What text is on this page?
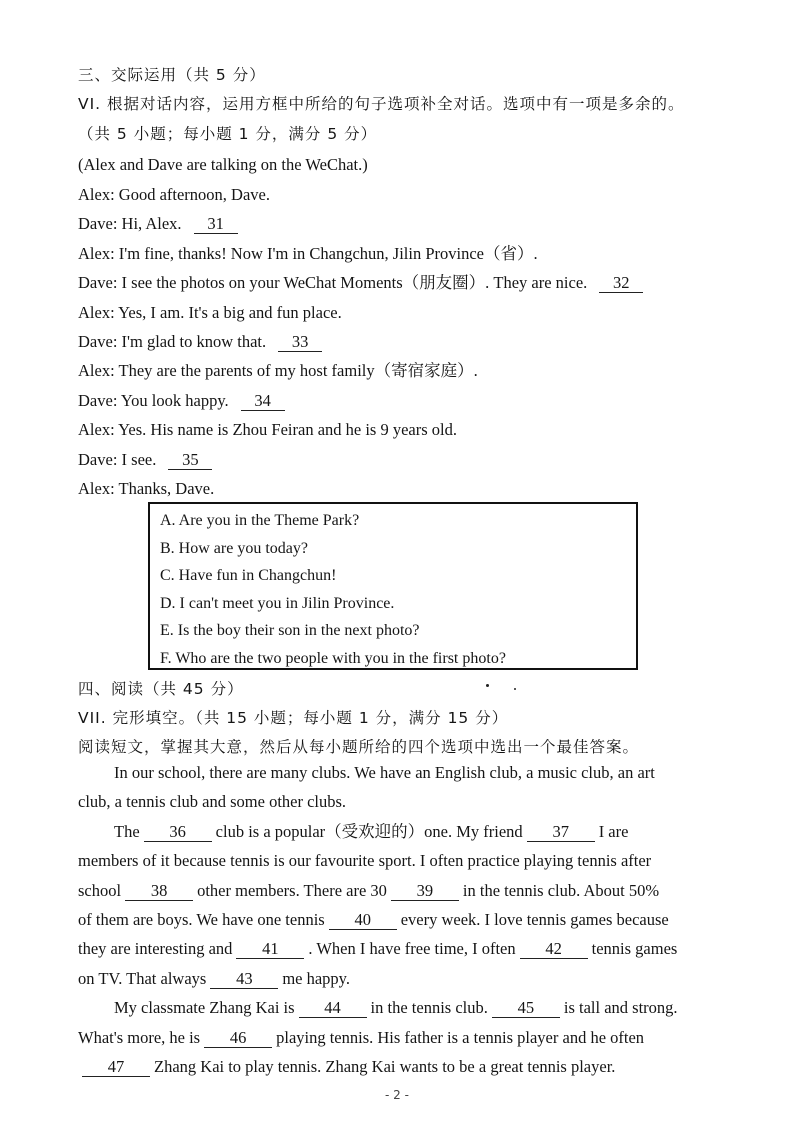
三、交际运用（共 5 分）
VI. 根据对话内容，运用方框中所给的句子选项补全对话。选项中有一项是多余的。
（共 5 小题；每小题 1 分，满分 5 分）
(Alex and Dave are talking on the WeChat.)
Alex: Good afternoon, Dave.
Dave: Hi, Alex. 31
Alex: I'm fine, thanks! Now I'm in Changchun, Jilin Province（省）.
Dave: I see the photos on your WeChat Moments（朋友圈）. They are nice. 32
Alex: Yes, I am. It's a big and fun place.
Dave: I'm glad to know that. 33
Alex: They are the parents of my host family（寄宿家庭）.
Dave: You look happy. 34
Alex: Yes. His name is Zhou Feiran and he is 9 years old.
Dave: I see. 35
Alex: Thanks, Dave.
A. Are you in the Theme Park?
B. How are you today?
C. Have fun in Changchun!
D. I can't meet you in Jilin Province.
E. Is the boy their son in the next photo?
F. Who are the two people with you in the first photo?
四、阅读（共 45 分）
VII. 完形填空。（共 15 小题；每小题 1 分，满分 15 分）
阅读短文，掌握其大意，然后从每小题所给的四个选项中选出一个最佳答案。
In our school, there are many clubs. We have an English club, a music club, an art
club, a tennis club and some other clubs.
The 36 club is a popular（受欢迎的）one. My friend 37 I are
members of it because tennis is our favourite sport. I often practice playing tennis after
school 38 other members. There are 30 39 in the tennis club. About 50%
of them are boys. We have one tennis 40 every week. I love tennis games because
they are interesting and 41 . When I have free time, I often 42 tennis games
on TV. That always 43 me happy.
My classmate Zhang Kai is 44 in the tennis club. 45 is tall and strong.
What's more, he is 46 playing tennis. His father is a tennis player and he often
47 Zhang Kai to play tennis. Zhang Kai wants to be a great tennis player.
- 2 -
